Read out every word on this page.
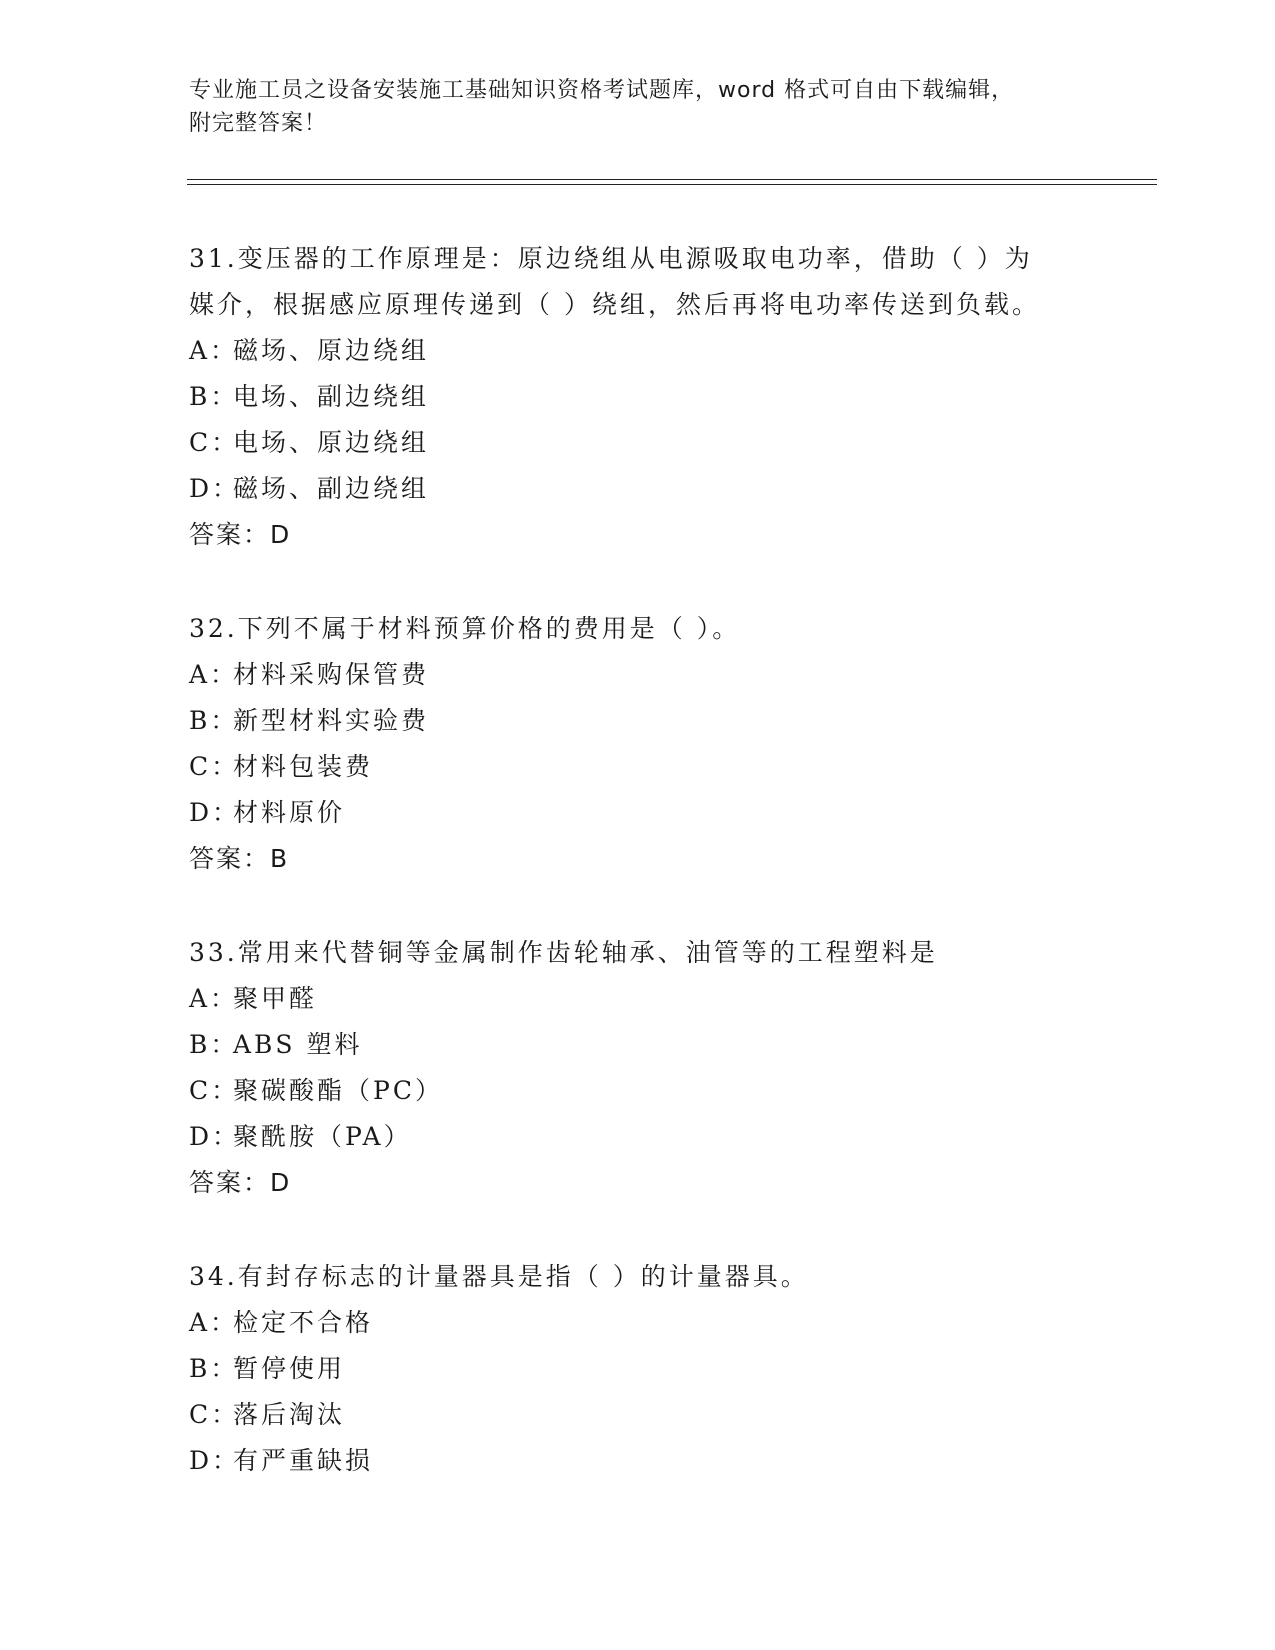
专业施工员之设备安装施工基础知识资格考试题库，word 格式可自由下载编辑，
附完整答案！
31.变压器的工作原理是：原边绕组从电源吸取电功率，借助（ ）为
媒介，根据感应原理传递到（ ）绕组，然后再将电功率传送到负载。
A：
磁场、原边绕组
B：
电场、副边绕组
C：
电场、原边绕组
D：
磁场、副边绕组
答案：D
32.下列不属于材料预算价格的费用是（ ）。
A：
材料采购保管费
B：
新型材料实验费
C：
材料包装费
D：
材料原价
答案：B
33.常用来代替铜等金属制作齿轮轴承、油管等的工程塑料是
A：
聚甲醛
B：
ABS 塑料
C：
聚碳酸酯（PC）
D：
聚酰胺（PA）
答案：D
34.有封存标志的计量器具是指（ ）的计量器具。
A：
检定不合格
B：
暂停使用
C：
落后淘汰
D：
有严重缺损
